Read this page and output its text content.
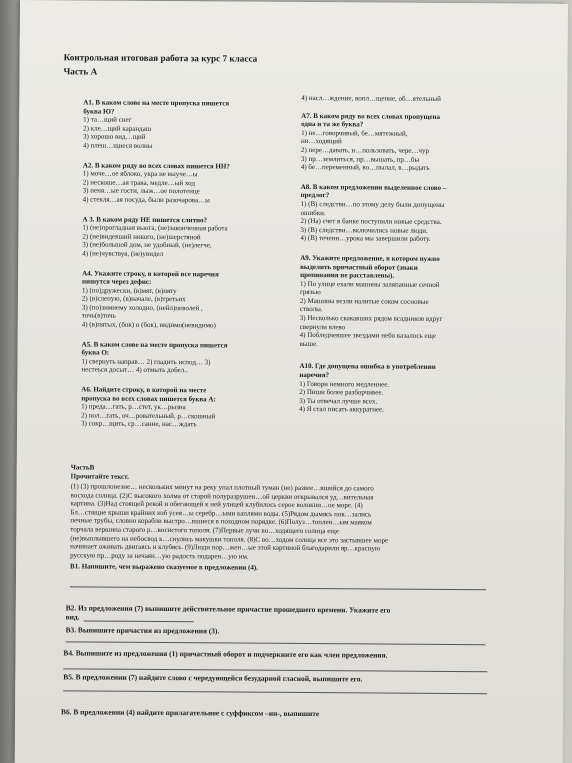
Контрольная итоговая работа за курс 7 класса
Часть А
А1. В каком слове на месте пропуска пишется
буква Ю?
1) та…щий снег
2) кле…щий карандаш
3) хорошо вид…щий
4) плеш…щиеся волны
А2. В каком ряду во всех словах пишется НН?
1) моче…ое яблоко, укра не выуче…ы
2) нескоше…ая трава, медле…ый ход
3) пеня…ые гости, лыж…ое полотенце
4) стекля…ая посуда, были разочарова…ы
А 3. В каком ряду НЕ пишется слитно?
1) (не)прогладная вьюга, (не)законченная работа
2) (не)видевший никого, (не)шерстяной
3) (не)большой дом, не удобный, (не)легче,
4) (не)чувствуя, (не)увидел
А4. Укажите строку, в которой все наречия
пишутся через дефис:
1) (по)дружески, (в)мят, (в)пяту
2) (в)слепую, (в)начале, (в)третьих
3) (по)зимнему холодно, (нейл)певолей ,
точь(в)точь
4) (в)пятых, (бок) о (бок), видимо(невидимо)
А5. В каком слове на месте пропуска пишется
буква О:
1) свернуть направ… 2) гладить испод… 3)
нестеься досыт… 4) отмыть добел..
А6. Найдите строку, в которой на месте
пропуска во всех словах пишется буква А:
1) преда…гать, р…стет, ук…рызна
2) пол…гать, оч…ровательный, р…скошный
3) сокр…щить, ср…сание, нас…ждать
4) насл…ждение, вопл…щение, об…ятельный
А7. В каком ряду во всех словах пропущена
одна и та же буква?
1) не…говорчивый, бе…мятежный,
ни…ходящий
2) пере…давать, и…пользовать, чере…чур
3) пр…землиться, пр…вышать, пр…бы
4) бе…переменный, во…пылал, в…рыдать
А8. В каком предложении выделенное слово –
предлог?
1) (В) следстви…по этому делу были допущены
ошибки.
2) (На) счет в банке поступили новые средства.
3) (В) следстви…включились новые люди.
4) (В) течени…урока мы завершили работу.
А9. Укажите предложение, в котором нужно
выделить причастный оборот (знаки
препинания не расставлены).
1) По улице ехали машины заляпанные сечной
грязью
2) Машины везли налитые соком сосновые
стволы.
3) Несколько скакавших рядом всадников вдруг
свернули влево
4) Побледневшее звездами небо казалось еще
выше.
А10. Где допущена ошибка в употреблении
наречия?
1) Говори немного медленнее.
2) Пиши более разборчивее.
3) Ты отвечал лучше всех.
4) Я стал писать аккуратнее.
ЧастьВ
Прочитайте текст.
(1) (3) прошлонезне… нескольких минут на реку упал плотный туман (не) развее…вшийся до самого
восхода солнца. (2)С высокого холма от старой полуразрушен…ой церкви открывался уд…вительная
картина. (3)Над стоящей рекой и обегающей к ней улицей клубилось серое волокни…ое море. (4)
Бл…стящие крыши крайних изб усея…ы серебр…ыми каплями воды. (5)Рядом дымясь пок…зались
печные трубы, словно корабли выстро…вшиеся в походном порядке. (6)Полуз…топлен…ым маяком
торчала вершина старого р…восистого тополя. (7)Первые лучи во…ходящего солнца еще
(не)выплывшего на небосвод к…снулись макушки тополя. (8)С во…ходом солнца все это застывшее море
начинает оживать двигаясь и клубясь. (9)Люди пор…жен…ые этой картиной благодарили яр…красную
русскую пр…роду за нечаян…ую радость подарен…ую им.
В1. Напишите, чем выражено сказуемое в предложении (4).
В2. Из предложения (7) выпишите действительное причастие прошедшего времени. Укажите его
вид.
В3. Выпишите причастия из предложения (3).
В4. Выпишите из предложения (1) причастный оборот и подчеркните его как член предложения.
В5. В предложении (7) найдите слово с чередующейся безударной гласной, выпишите его.
В6. В предложении (4) найдите прилагательное с суффиксом –ин-, выпишите
